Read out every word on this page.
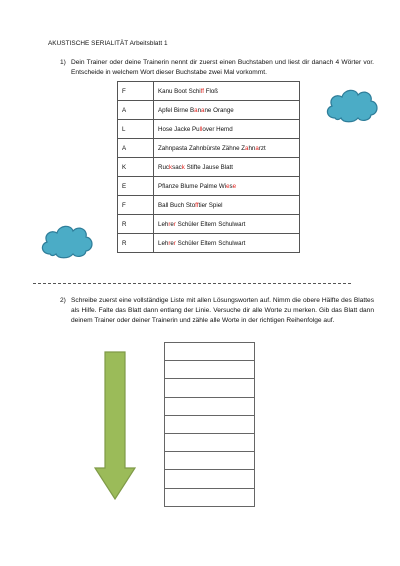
AKUSTISCHE SERIALITÄT Arbeitsblatt 1
1) Dein Trainer oder deine Trainerin nennt dir zuerst einen Buchstaben und liest dir danach 4 Wörter vor. Entscheide in welchem Wort dieser Buchstabe zwei Mal vorkommt.
F	Kanu Boot Schiff Floß
A	Apfel Birne Banane Orange
L	Hose Jacke Pullover Hemd
A	Zahnpasta Zahnbürste Zähne Zahnarzt
K	Rucksack Stifte Jause Blatt
E	Pflanze Blume Palme Wiese
F	Ball Buch Stofftier Spiel
R	Lehrer Schüler Eltern Schulwart
R	Lehrer Schüler Eltern Schulwart
2) Schreibe zuerst eine vollständige Liste mit allen Lösungsworten auf. Nimm die obere Hälfte des Blattes als Hilfe. Falte das Blatt dann entlang der Linie. Versuche dir alle Worte zu merken. Gib das Blatt dann deinem Trainer oder deiner Trainerin und zähle alle Worte in der richtigen Reihenfolge auf.
